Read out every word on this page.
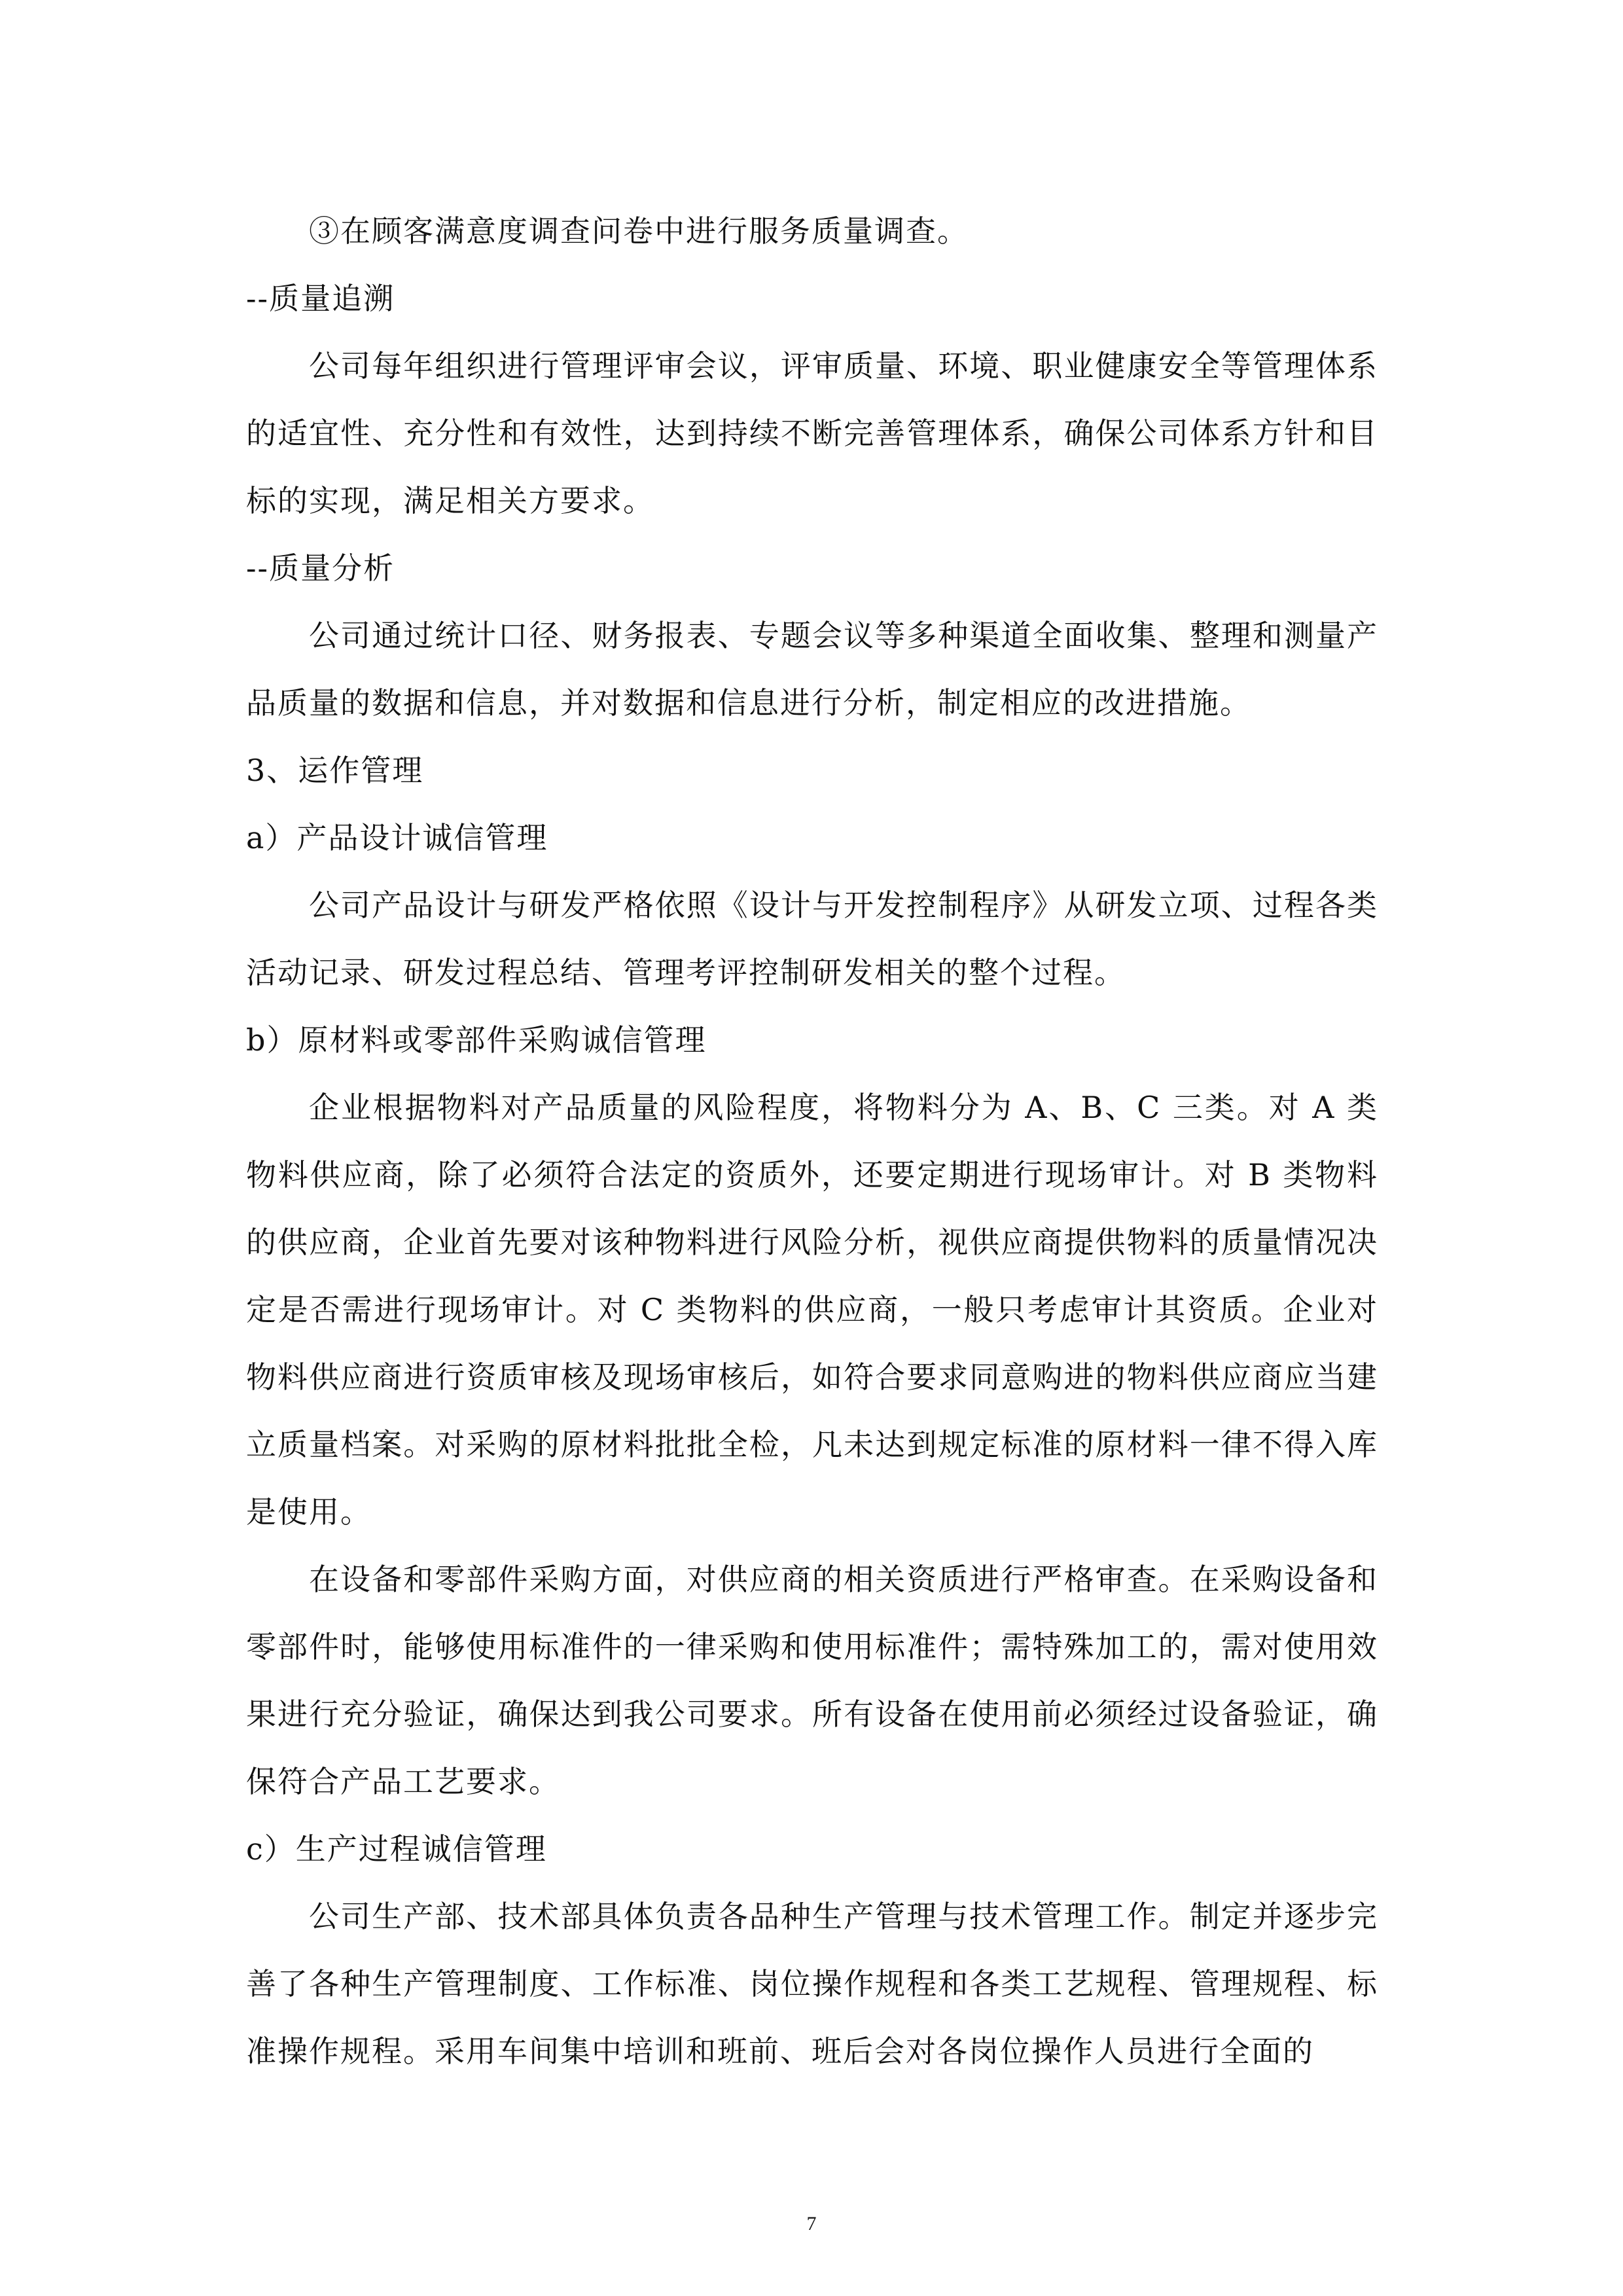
③在顾客满意度调查问卷中进行服务质量调查。

--质量追溯

公司每年组织进行管理评审会议，评审质量、环境、职业健康安全等管理体系的适宜性、充分性和有效性，达到持续不断完善管理体系，确保公司体系方针和目标的实现，满足相关方要求。

--质量分析

公司通过统计口径、财务报表、专题会议等多种渠道全面收集、整理和测量产品质量的数据和信息，并对数据和信息进行分析，制定相应的改进措施。

3、运作管理

a）产品设计诚信管理

公司产品设计与研发严格依照《设计与开发控制程序》从研发立项、过程各类活动记录、研发过程总结、管理考评控制研发相关的整个过程。

b）原材料或零部件采购诚信管理

企业根据物料对产品质量的风险程度，将物料分为 A、B、C 三类。对 A 类物料供应商，除了必须符合法定的资质外，还要定期进行现场审计。对 B 类物料的供应商，企业首先要对该种物料进行风险分析，视供应商提供物料的质量情况决定是否需进行现场审计。对 C 类物料的供应商，一般只考虑审计其资质。企业对物料供应商进行资质审核及现场审核后，如符合要求同意购进的物料供应商应当建立质量档案。对采购的原材料批批全检，凡未达到规定标准的原材料一律不得入库是使用。

在设备和零部件采购方面，对供应商的相关资质进行严格审查。在采购设备和零部件时，能够使用标准件的一律采购和使用标准件；需特殊加工的，需对使用效果进行充分验证，确保达到我公司要求。所有设备在使用前必须经过设备验证，确保符合产品工艺要求。

c）生产过程诚信管理

公司生产部、技术部具体负责各品种生产管理与技术管理工作。制定并逐步完善了各种生产管理制度、工作标准、岗位操作规程和各类工艺规程、管理规程、标准操作规程。采用车间集中培训和班前、班后会对各岗位操作人员进行全面的

7
